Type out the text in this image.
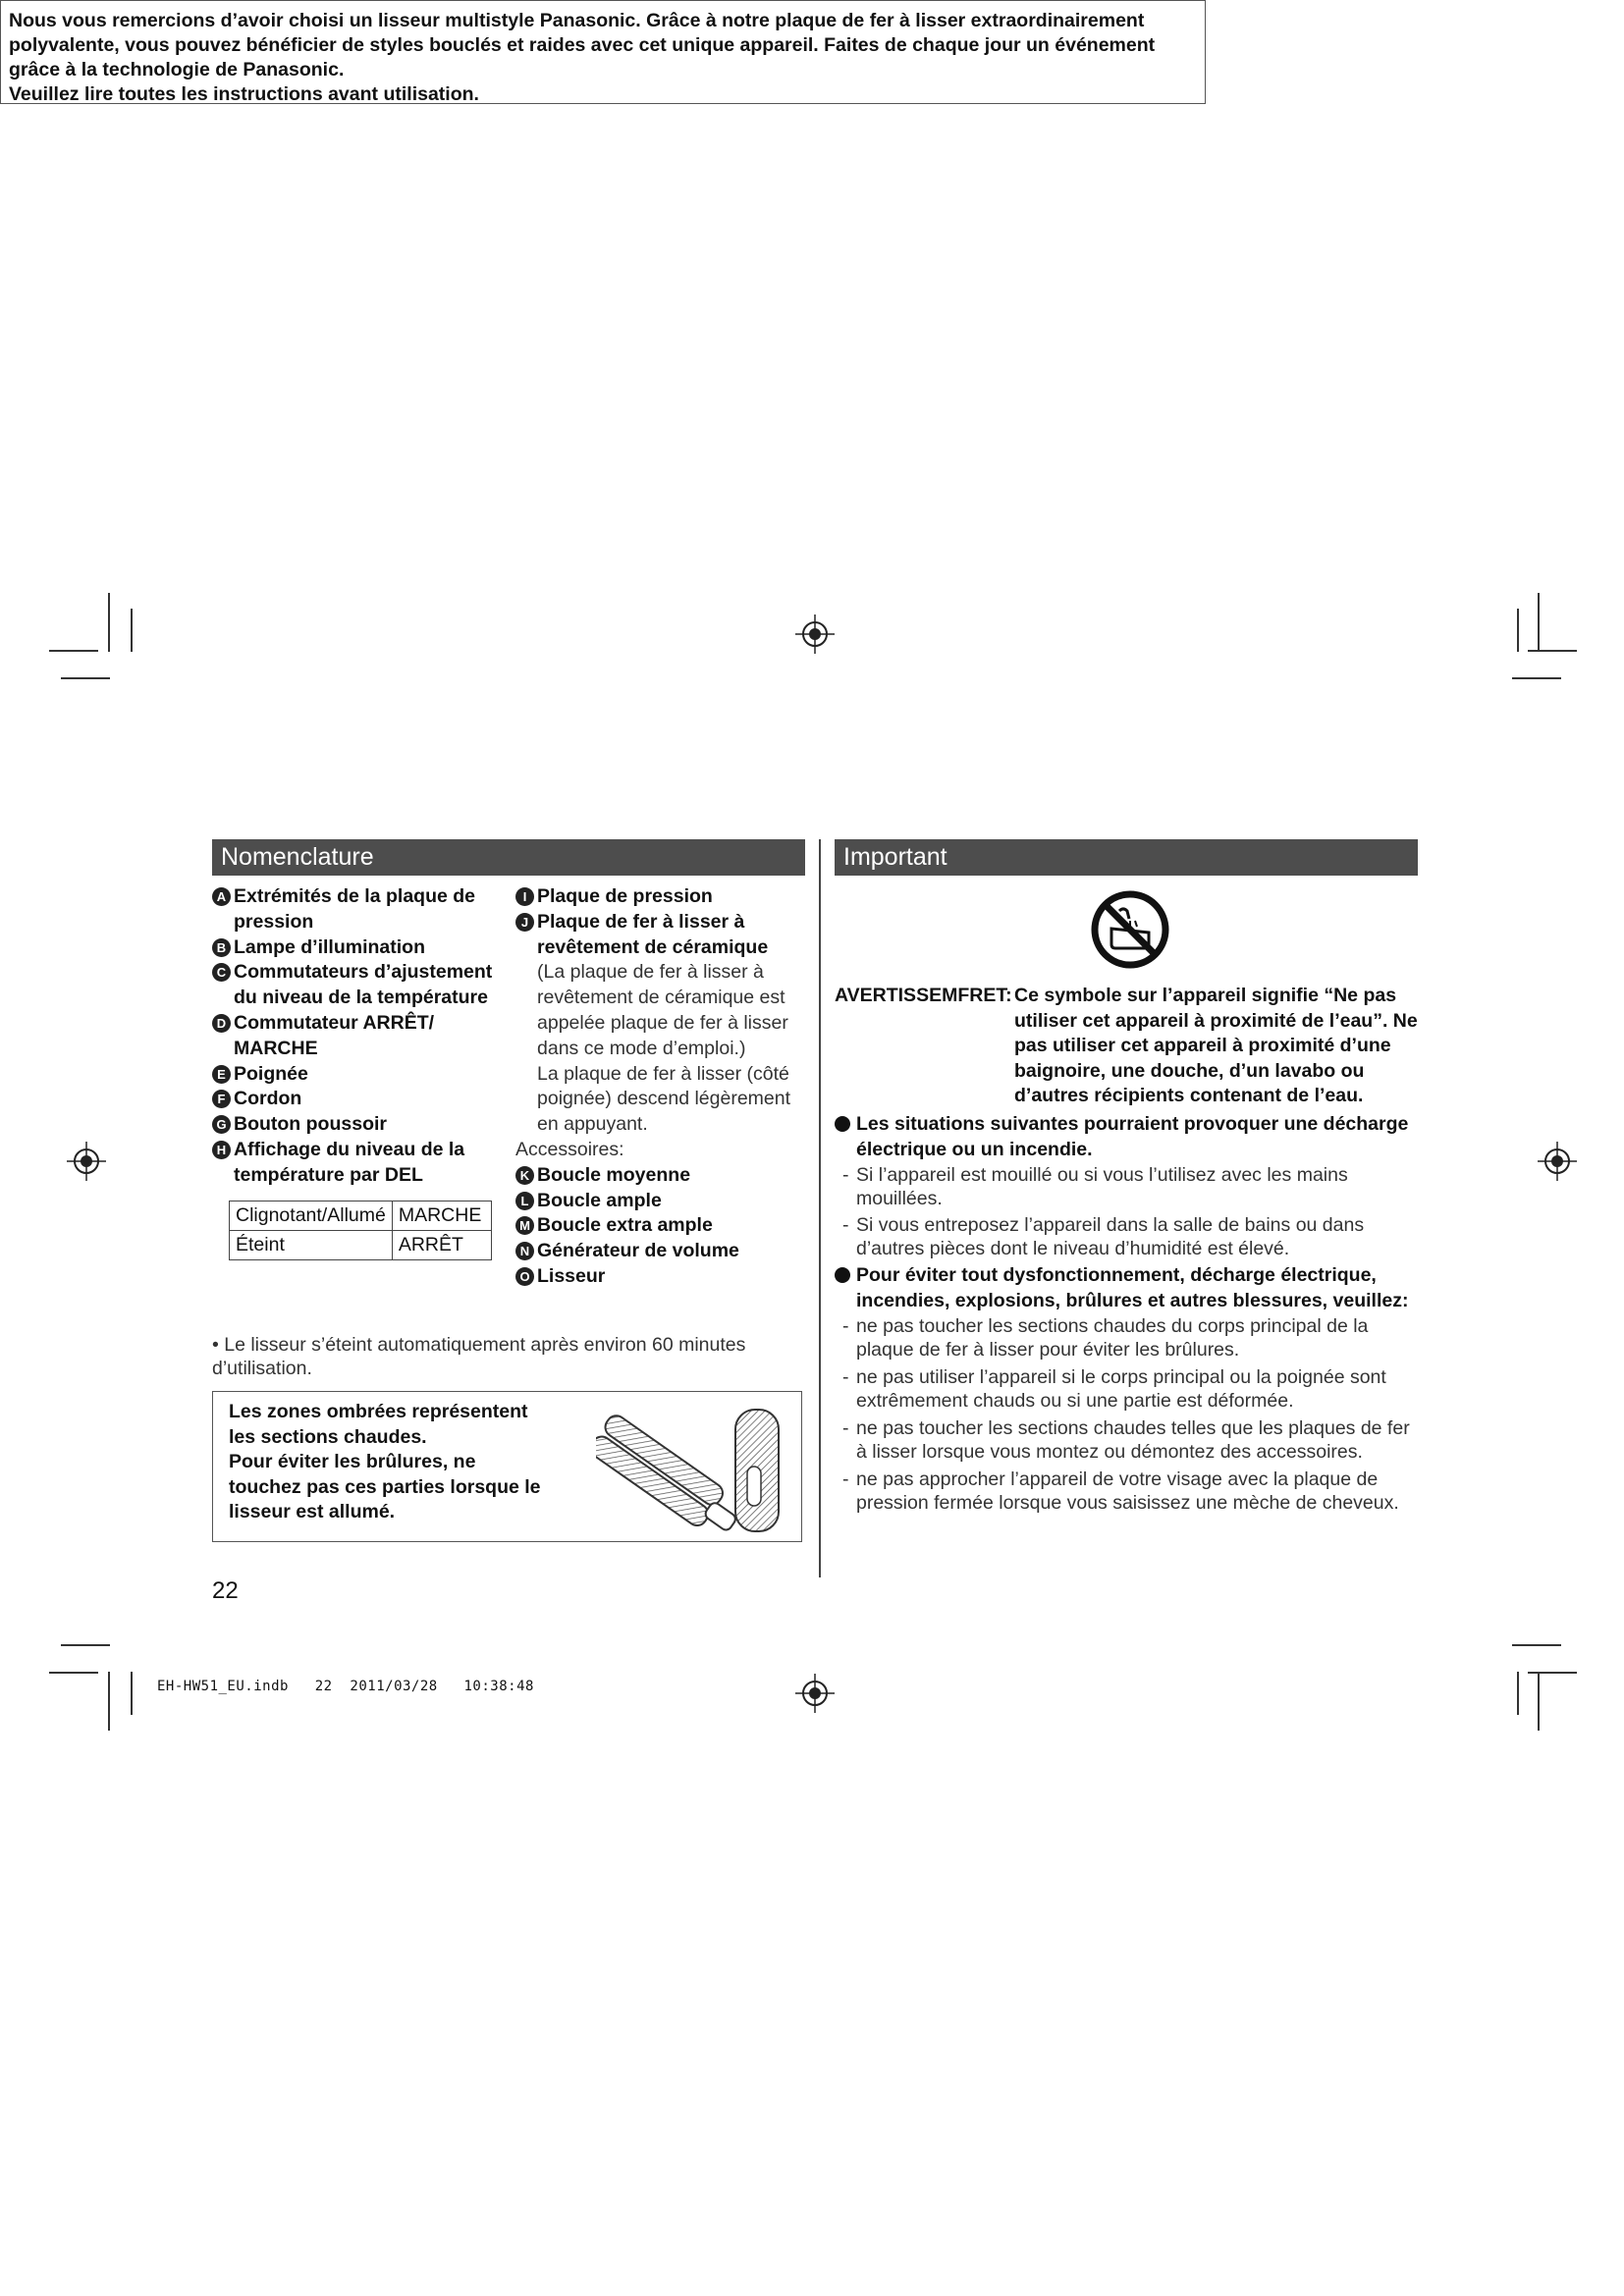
Nous vous remercions d’avoir choisi un lisseur multistyle Panasonic. Grâce à notre plaque de fer à lisser extraordinairement
polyvalente, vous pouvez bénéficier de styles bouclés et raides avec cet unique appareil. Faites de chaque jour un événement
grâce à la technologie de Panasonic.
Veuillez lire toutes les instructions avant utilisation.
Nomenclature
A Extrémités de la plaque de
pression
B Lampe d’illumination
C Commutateurs d’ajustement
du niveau de la température
D Commutateur ARRÊT/
MARCHE
E Poignée
F Cordon
G Bouton poussoir
H Affichage du niveau de la
température par DEL
Clignotant/Allumé	MARCHE
Éteint	ARRÊT
I Plaque de pression
J Plaque de fer à lisser à
revêtement de céramique
(La plaque de fer à lisser à
revêtement de céramique est
appelée plaque de fer à lisser
dans ce mode d’emploi.)
La plaque de fer à lisser (côté
poignée) descend légèrement
en appuyant.
Accessoires:
K Boucle moyenne
L Boucle ample
M Boucle extra ample
N Générateur de volume
O Lisseur
• Le lisseur s’éteint automatiquement après environ 60 minutes d’utilisation.
Les zones ombrées représentent
les sections chaudes.
Pour éviter les brûlures, ne
touchez pas ces parties lorsque le
lisseur est allumé.
Important
AVERTISSEMFRET: Ce symbole sur l’appareil signifie “Ne pas
utiliser cet appareil à proximité de l’eau”. Ne
pas utiliser cet appareil à proximité d’une
baignoire, une douche, d’un lavabo ou
d’autres récipients contenant de l’eau.
Les situations suivantes pourraient provoquer une décharge
électrique ou un incendie.
- Si l’appareil est mouillé ou si vous l’utilisez avec les mains
mouillées.
- Si vous entreposez l’appareil dans la salle de bains ou dans
d’autres pièces dont le niveau d’humidité est élevé.
Pour éviter tout dysfonctionnement, décharge électrique,
incendies, explosions, brûlures et autres blessures, veuillez:
- ne pas toucher les sections chaudes du corps principal de la
plaque de fer à lisser pour éviter les brûlures.
- ne pas utiliser l’appareil si le corps principal ou la poignée sont
extrêmement chauds ou si une partie est déformée.
- ne pas toucher les sections chaudes telles que les plaques de fer
à lisser lorsque vous montez ou démontez des accessoires.
- ne pas approcher l’appareil de votre visage avec la plaque de
pression fermée lorsque vous saisissez une mèche de cheveux.
22
EH-HW51_EU.indb   22  2011/03/28   10:38:48
